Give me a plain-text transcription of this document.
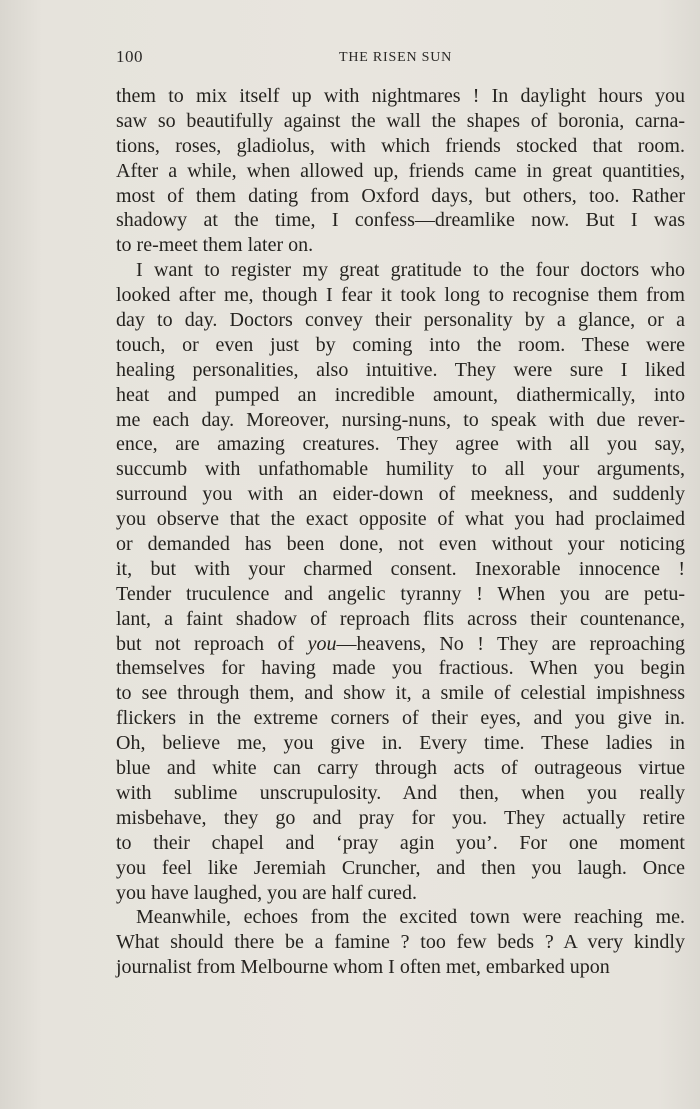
100	THE RISEN SUN
them to mix itself up with nightmares ! In daylight hours you
saw so beautifully against the wall the shapes of boronia, carna-
tions, roses, gladiolus, with which friends stocked that room.
After a while, when allowed up, friends came in great quantities,
most of them dating from Oxford days, but others, too. Rather
shadowy at the time, I confess—dreamlike now. But I was
to re-meet them later on.
I want to register my great gratitude to the four doctors who
looked after me, though I fear it took long to recognise them from
day to day. Doctors convey their personality by a glance, or a
touch, or even just by coming into the room. These were
healing personalities, also intuitive. They were sure I liked
heat and pumped an incredible amount, diathermically, into
me each day. Moreover, nursing-nuns, to speak with due rever-
ence, are amazing creatures. They agree with all you say,
succumb with unfathomable humility to all your arguments,
surround you with an eider-down of meekness, and suddenly
you observe that the exact opposite of what you had proclaimed
or demanded has been done, not even without your noticing
it, but with your charmed consent. Inexorable innocence !
Tender truculence and angelic tyranny ! When you are petu-
lant, a faint shadow of reproach flits across their countenance,
but not reproach of you—heavens, No ! They are reproaching
themselves for having made you fractious. When you begin
to see through them, and show it, a smile of celestial impishness
flickers in the extreme corners of their eyes, and you give in.
Oh, believe me, you give in. Every time. These ladies in
blue and white can carry through acts of outrageous virtue
with sublime unscrupulosity. And then, when you really
misbehave, they go and pray for you. They actually retire
to their chapel and ‘pray agin you’. For one moment
you feel like Jeremiah Cruncher, and then you laugh. Once
you have laughed, you are half cured.
Meanwhile, echoes from the excited town were reaching me.
What should there be a famine ? too few beds ? A very kindly
journalist from Melbourne whom I often met, embarked upon
